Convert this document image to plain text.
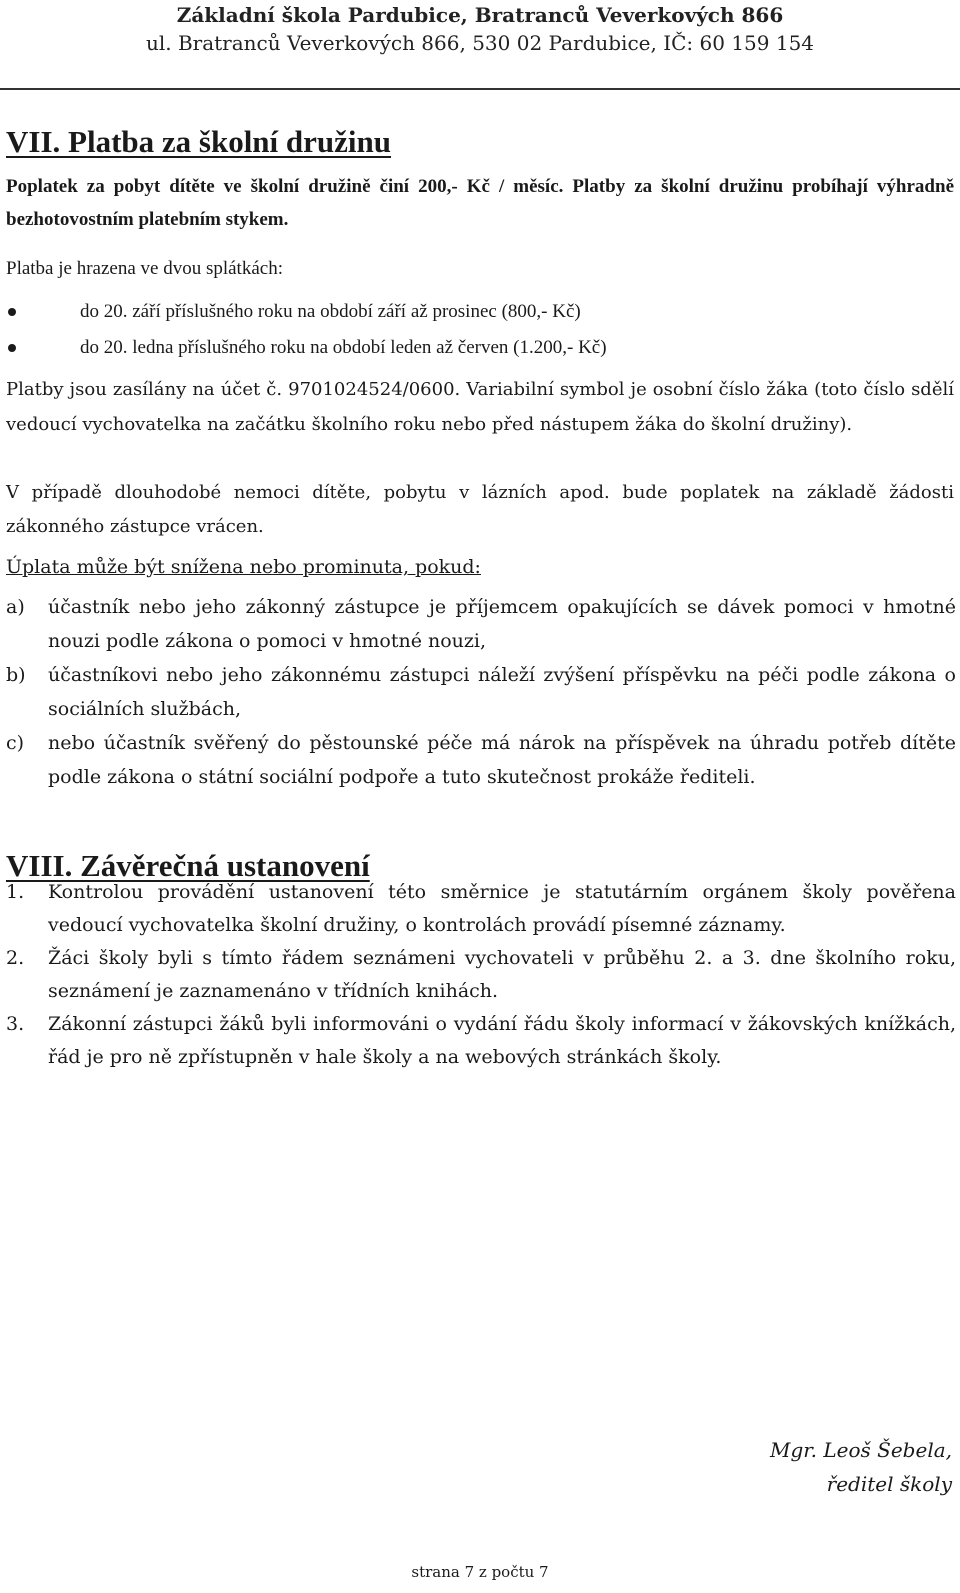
Základní škola Pardubice, Bratranců Veverkových 866
ul. Bratranců Veverkových 866, 530 02 Pardubice, IČ: 60 159 154
VII. Platba za školní družinu
Poplatek za pobyt dítěte ve školní družině činí 200,- Kč / měsíc. Platby za školní družinu probíhají výhradně bezhotovostním platebním stykem.
Platba je hrazena ve dvou splátkách:
do 20. září příslušného roku na období září až prosinec (800,- Kč)
do 20. ledna příslušného roku na období leden až červen (1.200,- Kč)
Platby jsou zasílány na účet č. 9701024524/0600. Variabilní symbol je osobní číslo žáka (toto číslo sdělí vedoucí vychovatelka na začátku školního roku nebo před nástupem žáka do školní družiny).
V případě dlouhodobé nemoci dítěte, pobytu v lázních apod. bude poplatek na základě žádosti zákonného zástupce vrácen.
Úplata může být snížena nebo prominuta, pokud:
a) účastník nebo jeho zákonný zástupce je příjemcem opakujících se dávek pomoci v hmotné nouzi podle zákona o pomoci v hmotné nouzi,
b) účastníkovi nebo jeho zákonnému zástupci náleží zvýšení příspěvku na péči podle zákona o sociálních službách,
c) nebo účastník svěřený do pěstounské péče má nárok na příspěvek na úhradu potřeb dítěte podle zákona o státní sociální podpoře a tuto skutečnost prokáže řediteli.
VIII. Závěrečná ustanovení
1. Kontrolou provádění ustanovení této směrnice je statutárním orgánem školy pověřena vedoucí vychovatelka školní družiny, o kontrolách provádí písemné záznamy.
2. Žáci školy byli s tímto řádem seznámeni vychovateli v průběhu 2. a 3. dne školního roku, seznámení je zaznamenáno v třídních knihách.
3. Zákonní zástupci žáků byli informováni o vydání řádu školy informací v žákovských knížkách, řád je pro ně zpřístupněn v hale školy a na webových stránkách školy.
Mgr. Leoš Šebela,
ředitel školy
strana 7 z počtu 7
